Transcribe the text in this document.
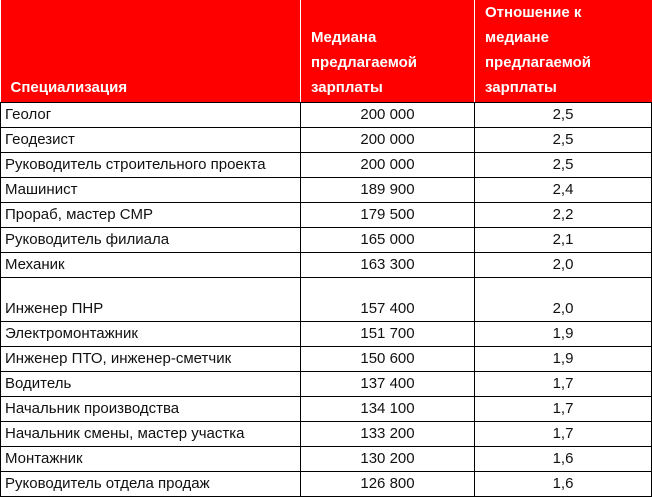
Специализация	Медиана предлагаемой зарплаты	Отношение к медиане предлагаемой зарплаты
Геолог	200 000	2,5
Геодезист	200 000	2,5
Руководитель строительного проекта	200 000	2,5
Машинист	189 900	2,4
Прораб, мастер СМР	179 500	2,2
Руководитель филиала	165 000	2,1
Механик	163 300	2,0
Инженер ПНР	157 400	2,0
Электромонтажник	151 700	1,9
Инженер ПТО, инженер-сметчик	150 600	1,9
Водитель	137 400	1,7
Начальник производства	134 100	1,7
Начальник смены, мастер участка	133 200	1,7
Монтажник	130 200	1,6
Руководитель отдела продаж	126 800	1,6
